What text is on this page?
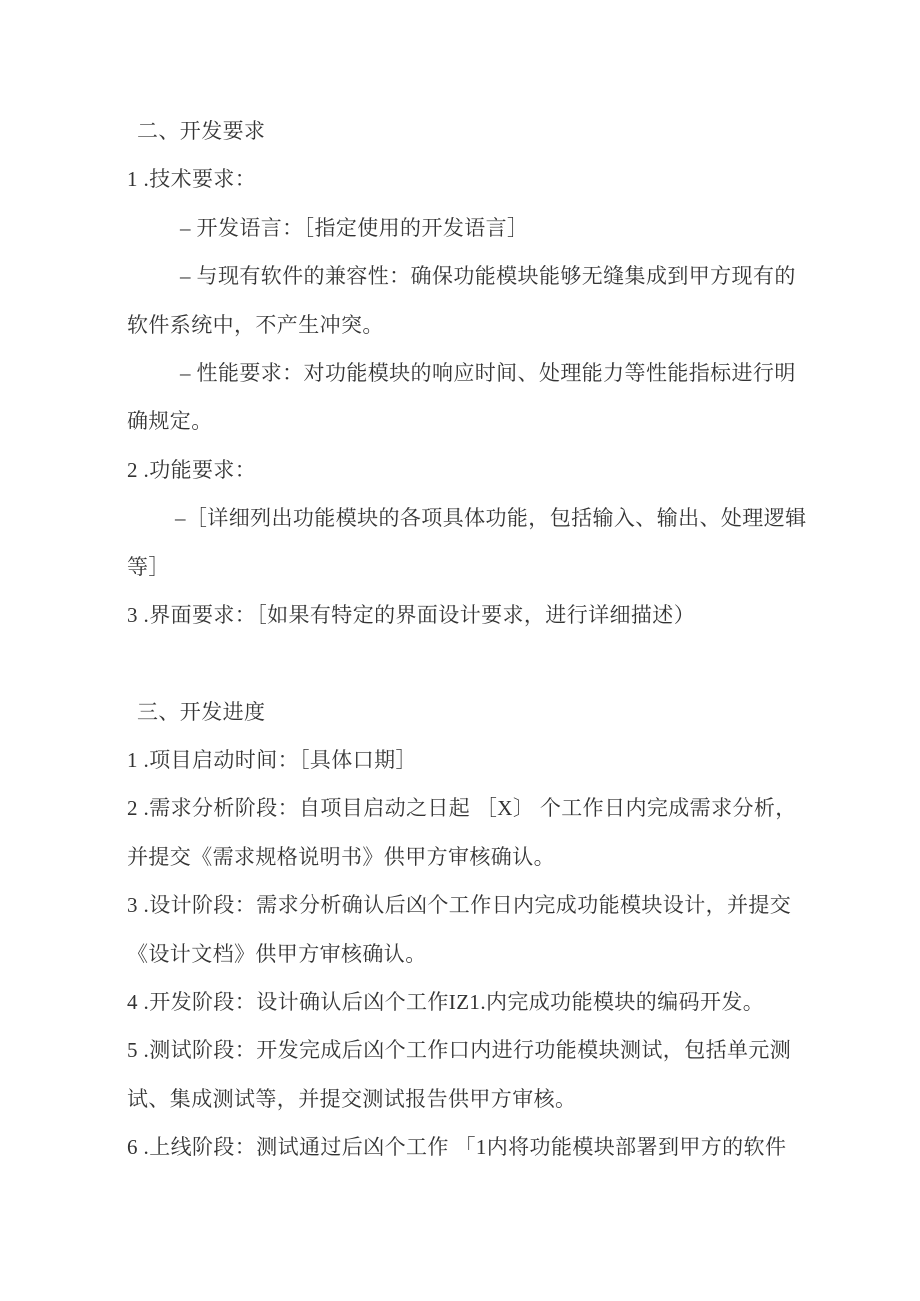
二、开发要求
1 .技术要求：
– 开发语言：［指定使用的开发语言］
– 与现有软件的兼容性：确保功能模块能够无缝集成到甲方现有的
软件系统中，不产生冲突。
– 性能要求：对功能模块的响应时间、处理能力等性能指标进行明
确规定。
2 .功能要求：
–［详细列出功能模块的各项具体功能，包括输入、输出、处理逻辑
等］
3 .界面要求：［如果有特定的界面设计要求，进行详细描述）
三、开发进度
1 .项目启动时间：［具体口期］
2 .需求分析阶段：自项目启动之日起 ［X〕 个工作日内完成需求分析，
并提交《需求规格说明书》供甲方审核确认。
3 .设计阶段：需求分析确认后凶个工作日内完成功能模块设计，并提交
《设计文档》供甲方审核确认。
4 .开发阶段：设计确认后凶个工作IZ1.内完成功能模块的编码开发。
5 .测试阶段：开发完成后凶个工作口内进行功能模块测试，包括单元测
试、集成测试等，并提交测试报告供甲方审核。
6 .上线阶段：测试通过后凶个工作 「1内将功能模块部署到甲方的软件
